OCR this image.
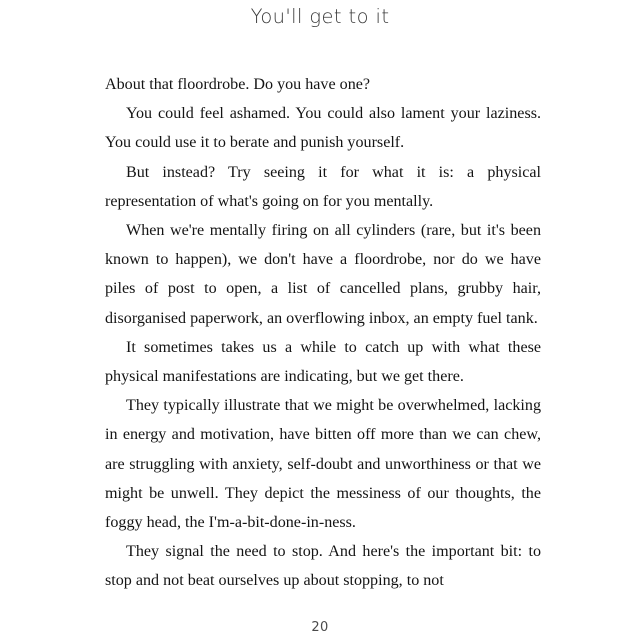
You'll get to it

About that floordrobe. Do you have one?

You could feel ashamed. You could also lament your laziness. You could use it to berate and punish yourself.

But instead? Try seeing it for what it is: a physical representation of what's going on for you mentally.

When we're mentally firing on all cylinders (rare, but it's been known to happen), we don't have a floordrobe, nor do we have piles of post to open, a list of cancelled plans, grubby hair, disorganised paperwork, an overflowing inbox, an empty fuel tank.

It sometimes takes us a while to catch up with what these physical manifestations are indicating, but we get there.

They typically illustrate that we might be overwhelmed, lacking in energy and motivation, have bitten off more than we can chew, are struggling with anxiety, self-doubt and unworthiness or that we might be unwell. They depict the messiness of our thoughts, the foggy head, the I'm-a-bit-done-in-ness.

They signal the need to stop. And here's the important bit: to stop and not beat ourselves up about stopping, to not

20
